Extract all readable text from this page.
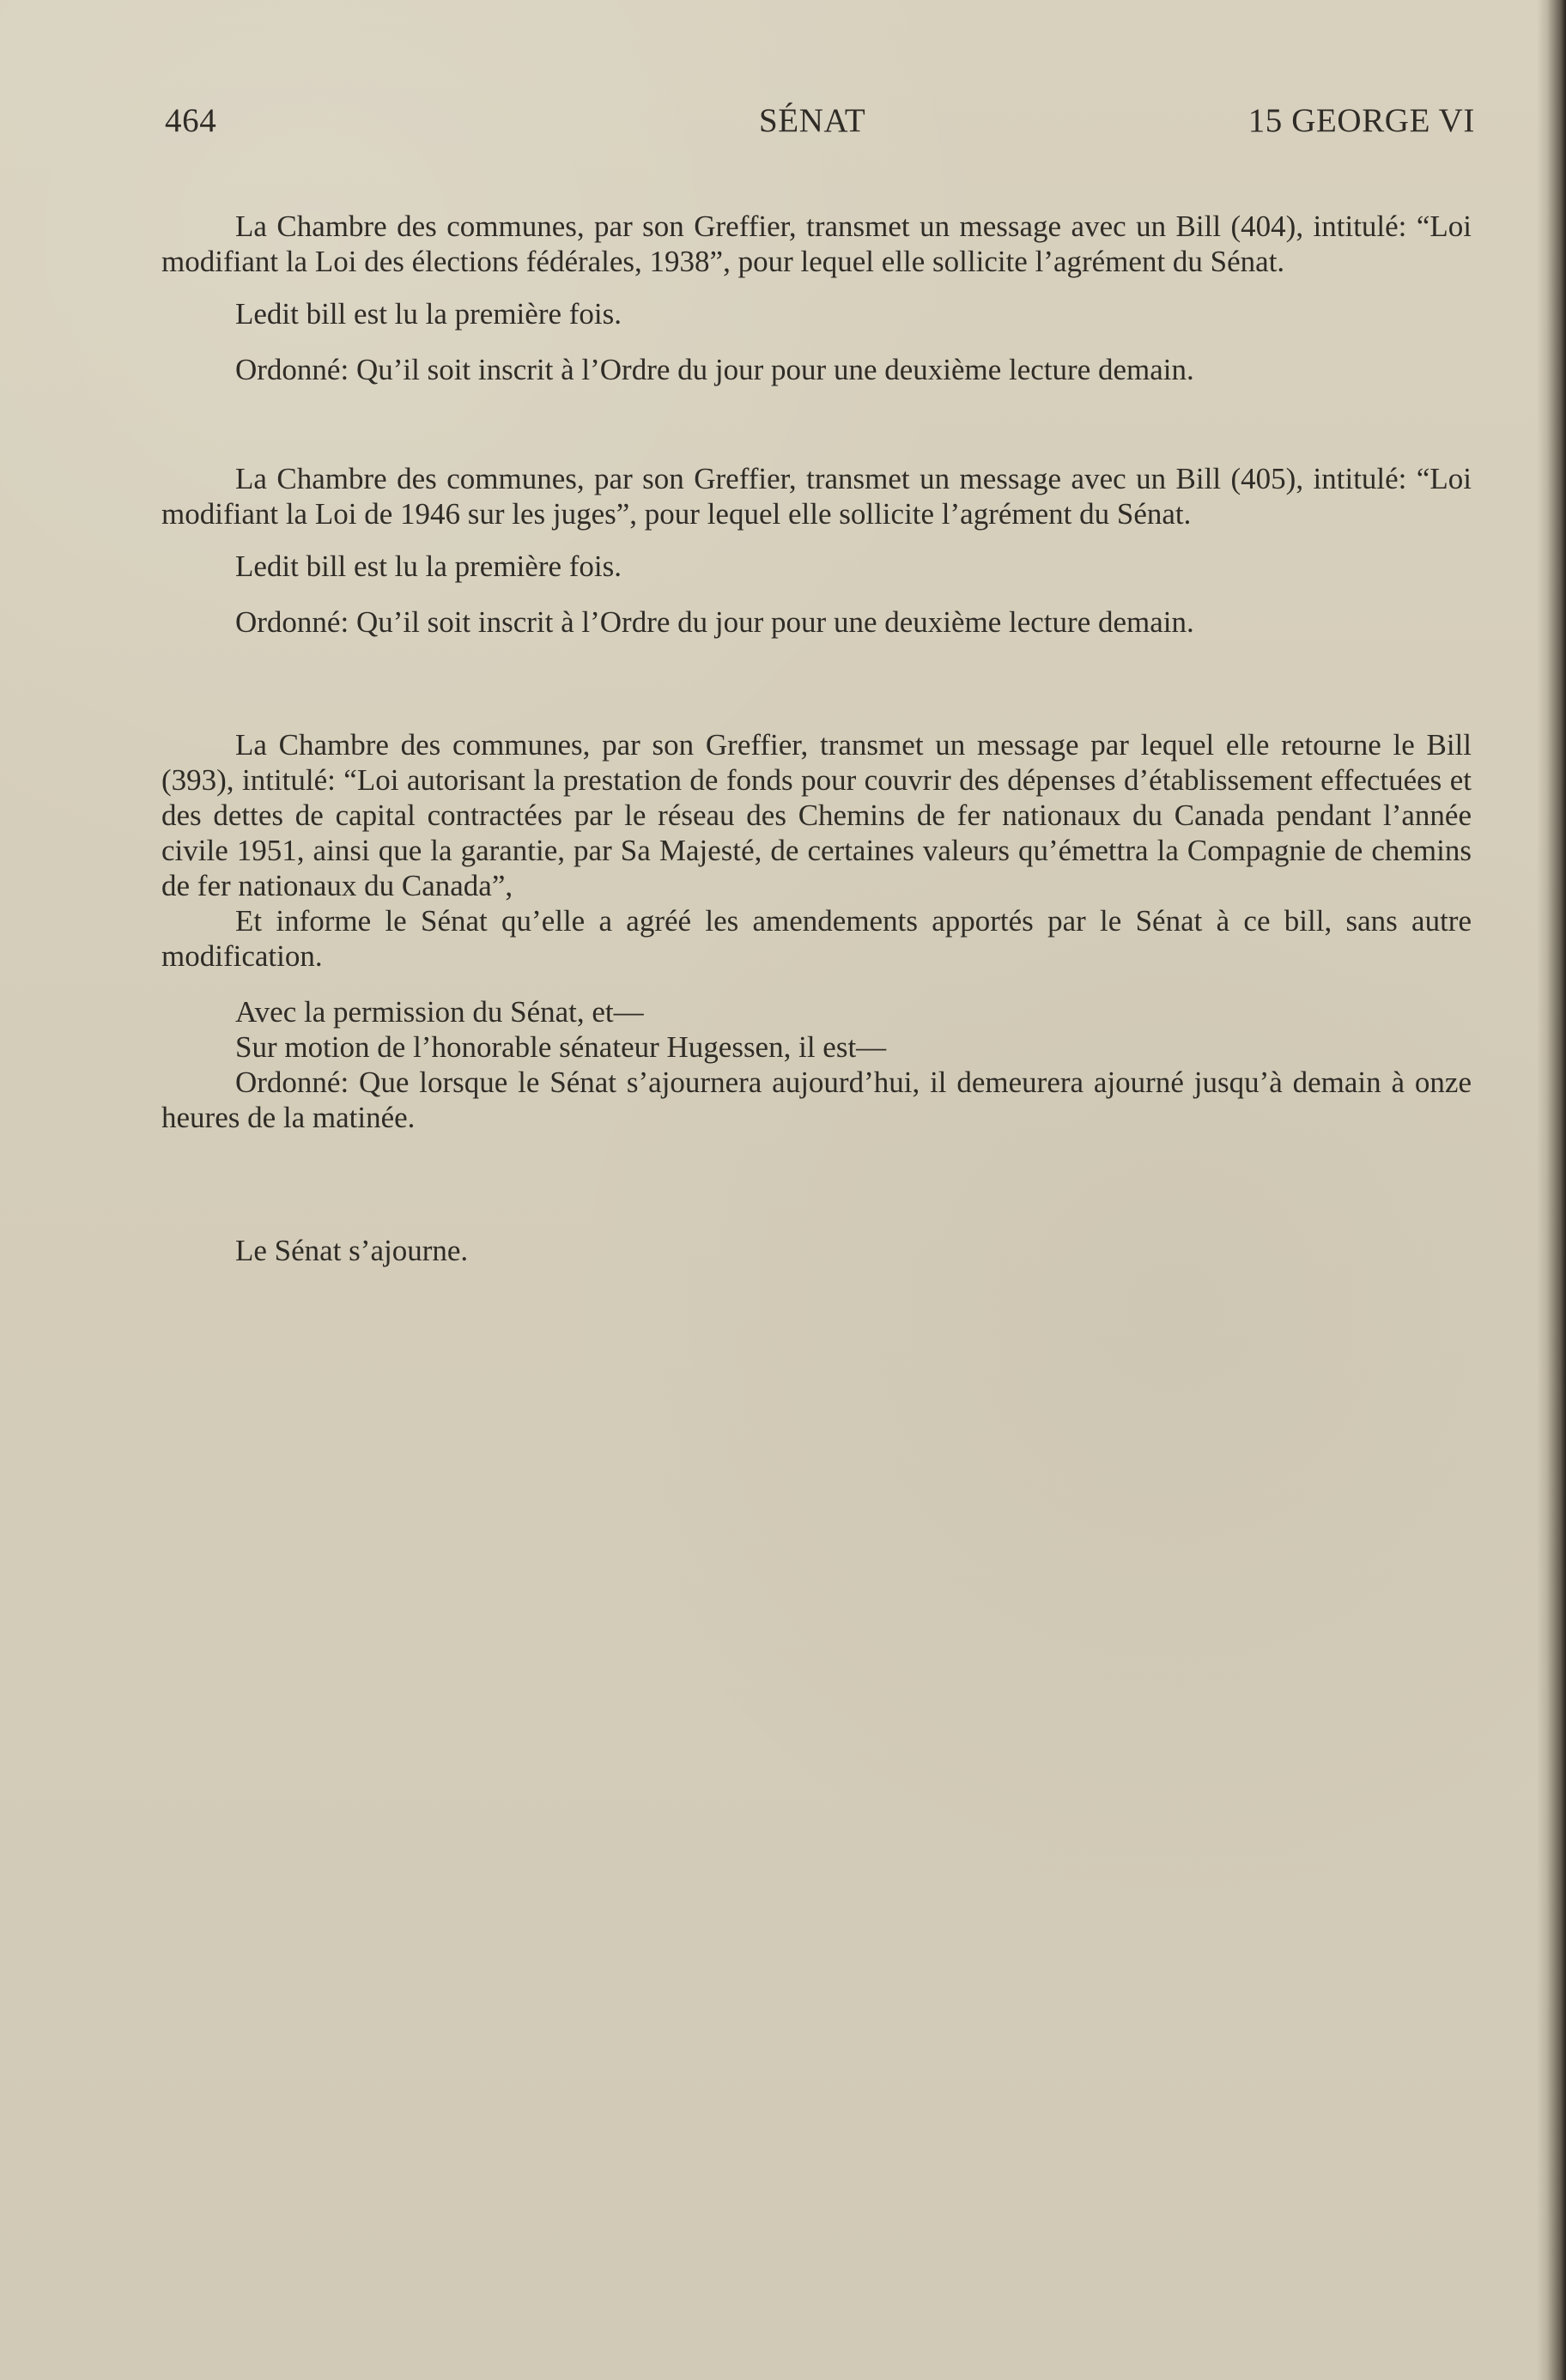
464	SÉNAT	15 GEORGE VI

La Chambre des communes, par son Greffier, transmet un message avec un Bill (404), intitulé: “Loi modifiant la Loi des élections fédérales, 1938”, pour lequel elle sollicite l’agrément du Sénat.

Ledit bill est lu la première fois.

Ordonné: Qu’il soit inscrit à l’Ordre du jour pour une deuxième lecture demain.

La Chambre des communes, par son Greffier, transmet un message avec un Bill (405), intitulé: “Loi modifiant la Loi de 1946 sur les juges”, pour lequel elle sollicite l’agrément du Sénat.

Ledit bill est lu la première fois.

Ordonné: Qu’il soit inscrit à l’Ordre du jour pour une deuxième lecture demain.

La Chambre des communes, par son Greffier, transmet un message par lequel elle retourne le Bill (393), intitulé: “Loi autorisant la prestation de fonds pour couvrir des dépenses d’établissement effectuées et des dettes de capital contractées par le réseau des Chemins de fer nationaux du Canada pendant l’année civile 1951, ainsi que la garantie, par Sa Majesté, de certaines valeurs qu’émettra la Compagnie de chemins de fer nationaux du Canada”,

Et informe le Sénat qu’elle a agréé les amendements apportés par le Sénat à ce bill, sans autre modification.

Avec la permission du Sénat, et—

Sur motion de l’honorable sénateur Hugessen, il est—

Ordonné: Que lorsque le Sénat s’ajournera aujourd’hui, il demeurera ajourné jusqu’à demain à onze heures de la matinée.

Le Sénat s’ajourne.
